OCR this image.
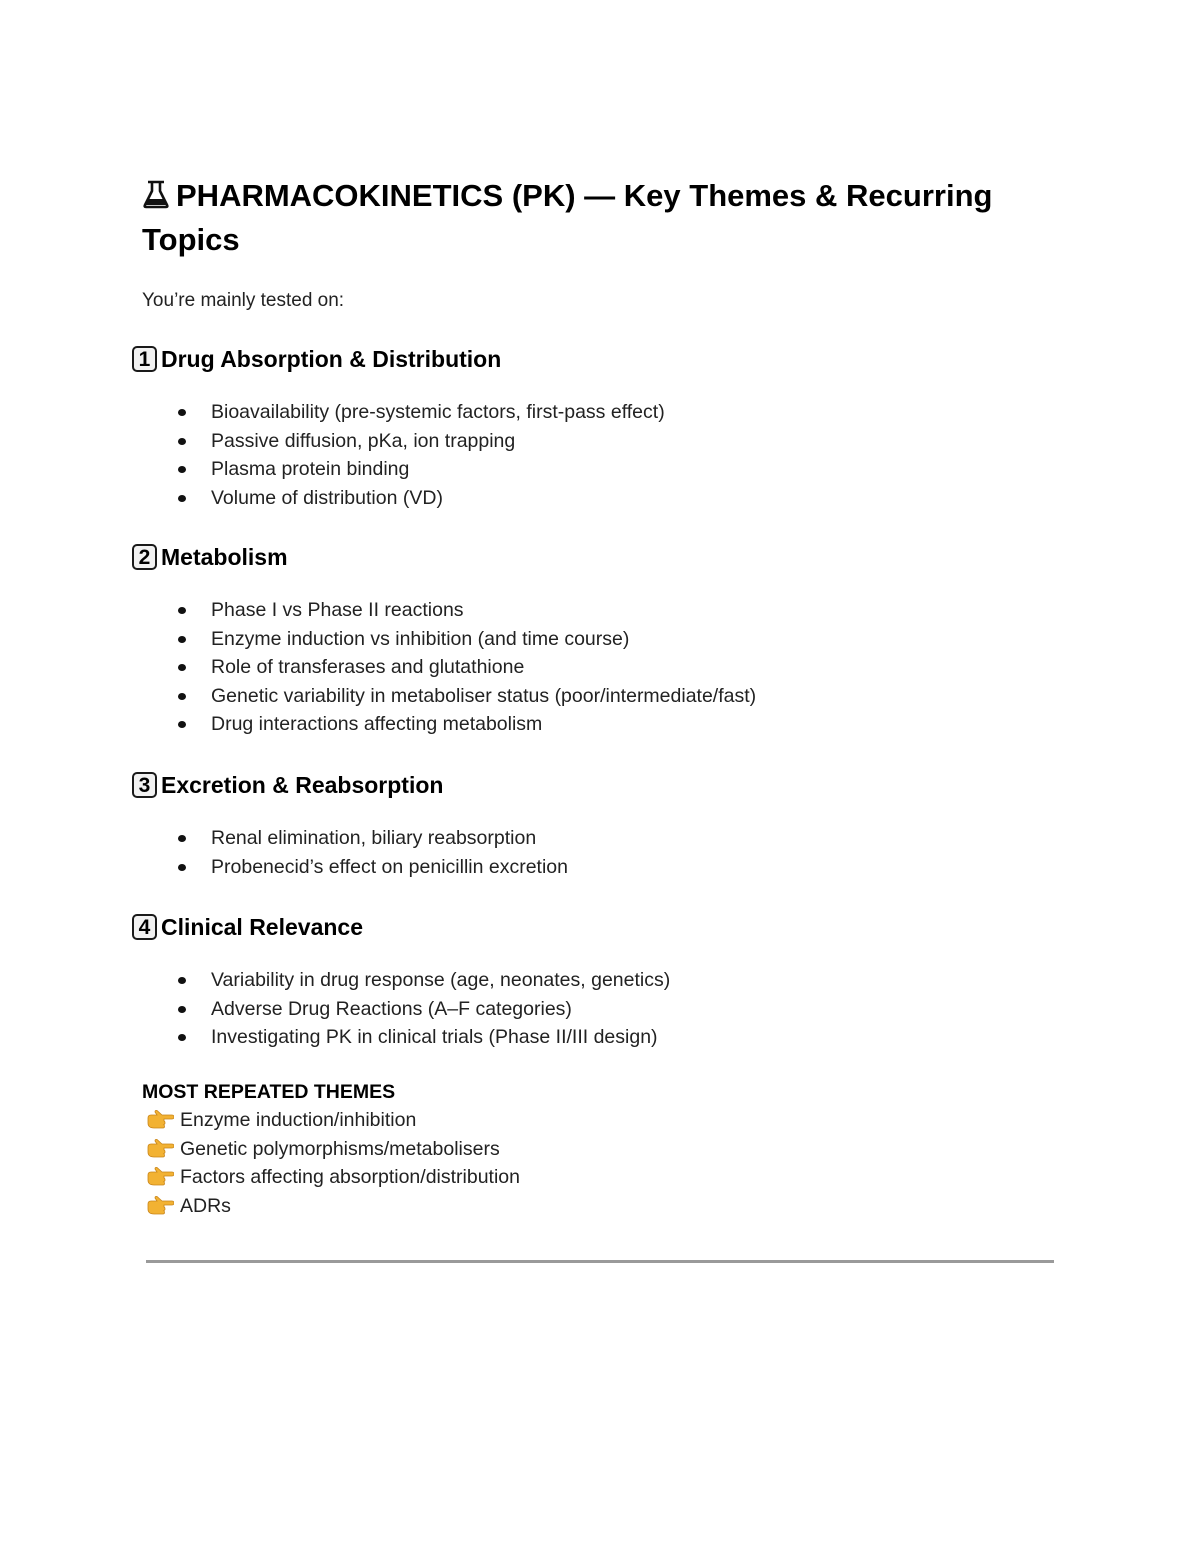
PHARMACOKINETICS (PK) — Key Themes & Recurring Topics

You’re mainly tested on:

1 Drug Absorption & Distribution
Bioavailability (pre-systemic factors, first-pass effect)
Passive diffusion, pKa, ion trapping
Plasma protein binding
Volume of distribution (VD)
2 Metabolism
Phase I vs Phase II reactions
Enzyme induction vs inhibition (and time course)
Role of transferases and glutathione
Genetic variability in metaboliser status (poor/intermediate/fast)
Drug interactions affecting metabolism
3 Excretion & Reabsorption
Renal elimination, biliary reabsorption
Probenecid’s effect on penicillin excretion
4 Clinical Relevance
Variability in drug response (age, neonates, genetics)
Adverse Drug Reactions (A–F categories)
Investigating PK in clinical trials (Phase II/III design)

MOST REPEATED THEMES

Enzyme induction/inhibition
Genetic polymorphisms/metabolisers
Factors affecting absorption/distribution
ADRs
